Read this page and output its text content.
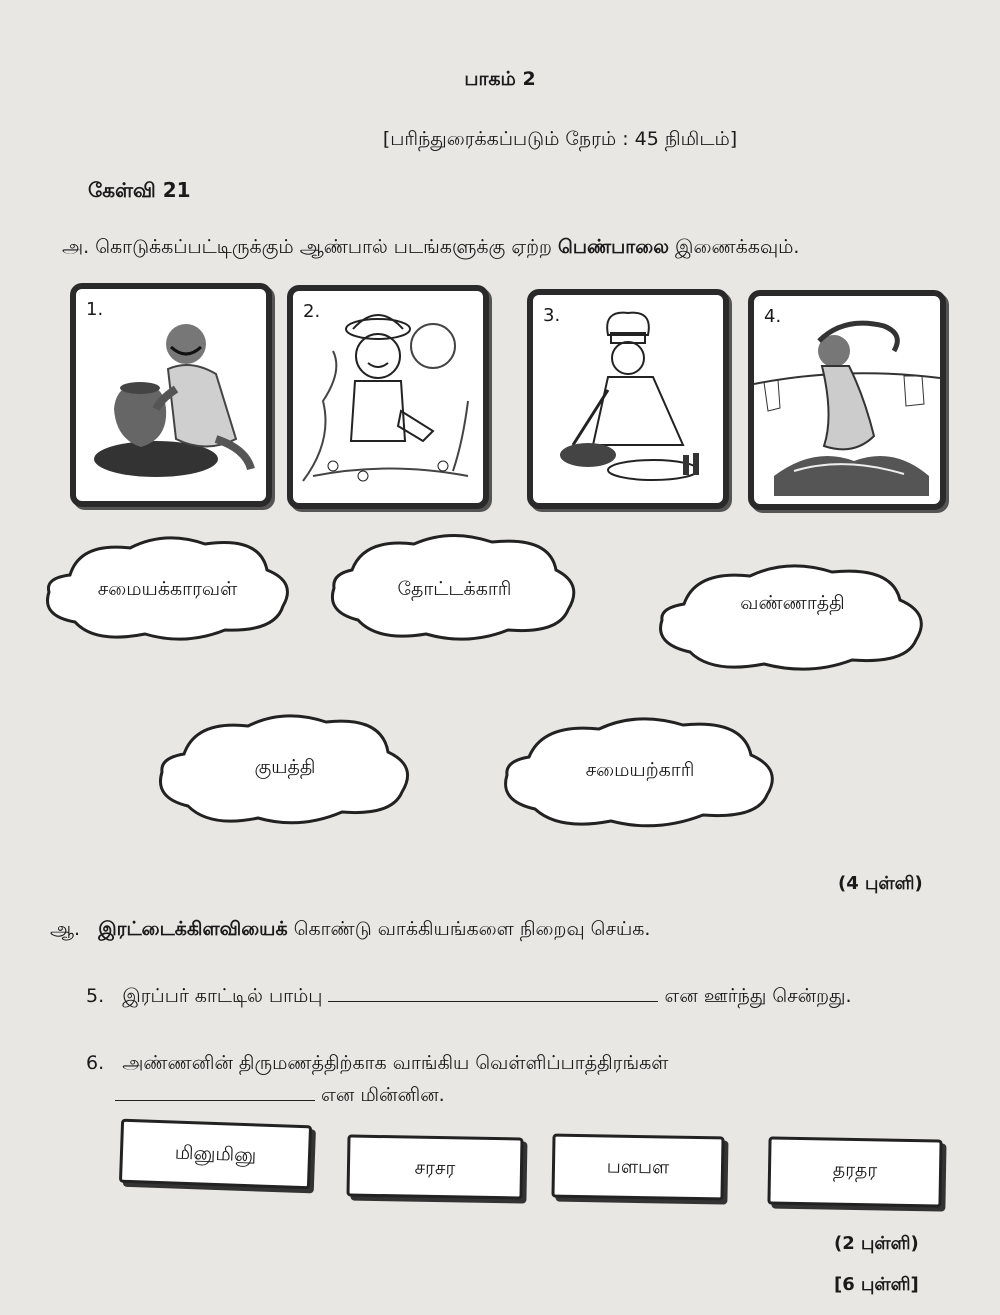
பாகம் 2
[பரிந்துரைக்கப்படும் நேரம் : 45 நிமிடம்]
கேள்வி 21
அ. கொடுக்கப்பட்டிருக்கும் ஆண்பால் படங்களுக்கு ஏற்ற பெண்பாலை இணைக்கவும்.
1.	2.	3.	4.
சமையக்காரவள்	தோட்டக்காரி
வண்ணாத்தி
குயத்தி	சமையற்காரி
(4 புள்ளி)
ஆ. இரட்டைக்கிளவியைக் கொண்டு வாக்கியங்களை நிறைவு செய்க.
5. இரப்பர் காட்டில் பாம்பு	என ஊர்ந்து சென்றது.
6. அண்ணனின் திருமணத்திற்காக வாங்கிய வெள்ளிப்பாத்திரங்கள்
என மின்னின.
மினுமினு
சரசர	பளபள	தரதர
(2 புள்ளி)
[6 புள்ளி]
